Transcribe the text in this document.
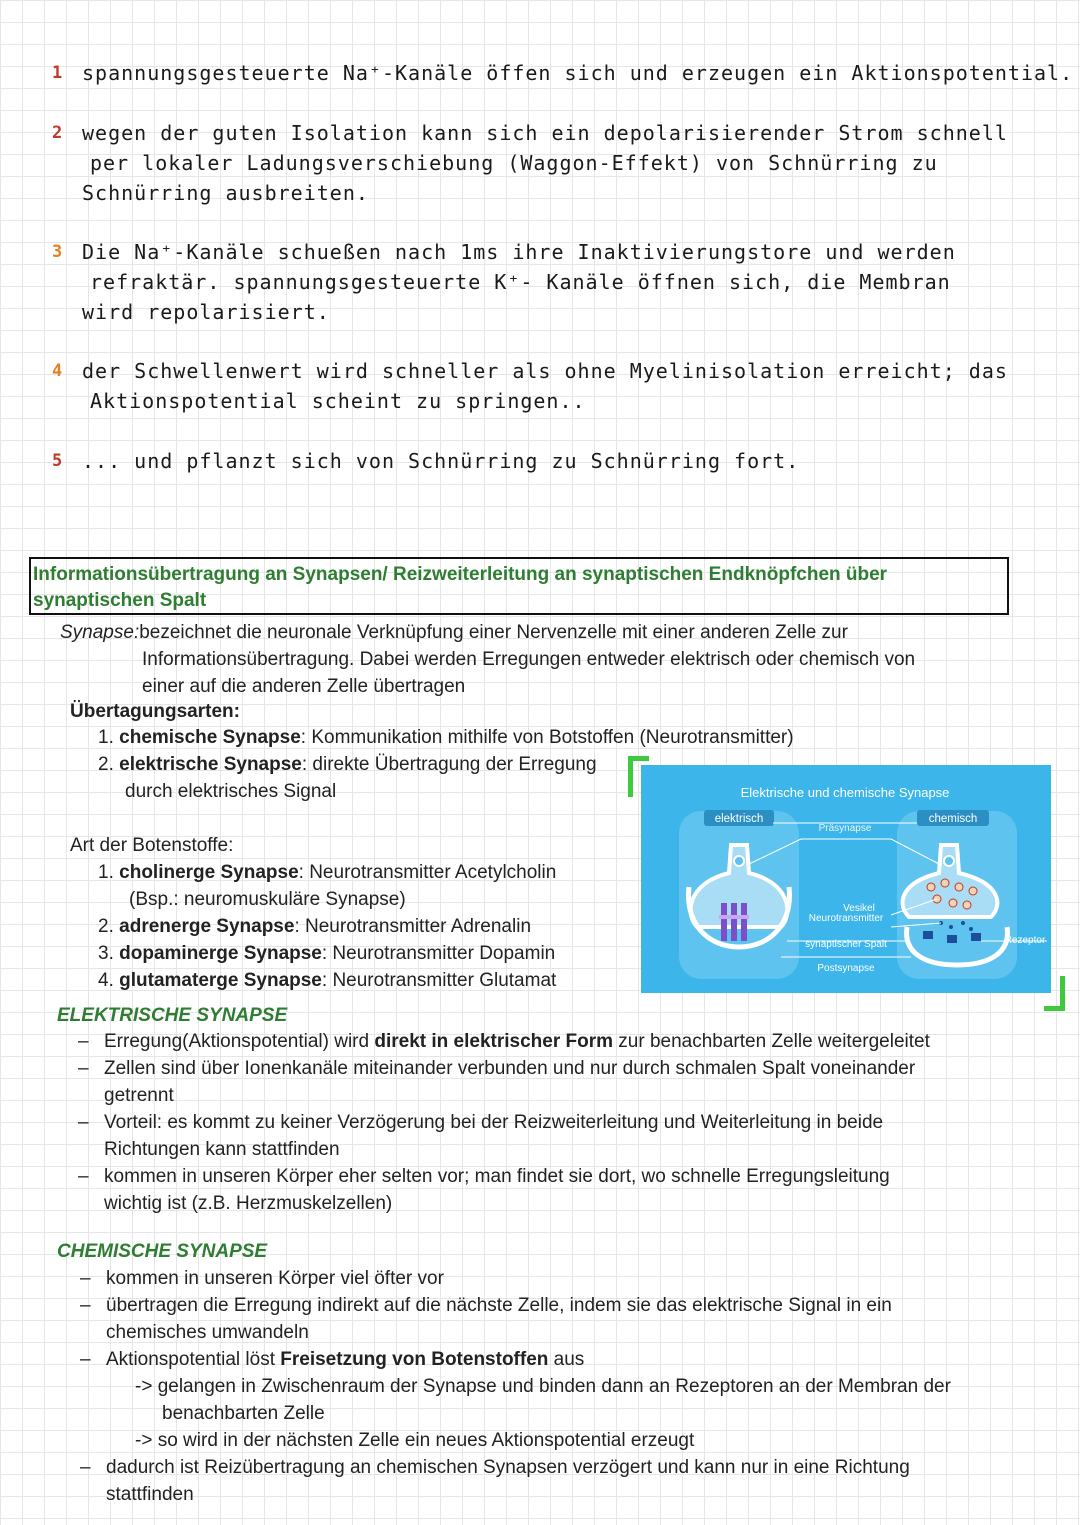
1 spannungsgesteuerte Na⁺-Kanäle öffen sich und erzeugen ein Aktionspotential.
2 wegen der guten Isolation kann sich ein depolarisierender Strom schnell
per lokaler Ladungsverschiebung (Waggon-Effekt) von Schnürring zu
Schnürring ausbreiten.
3 Die Na⁺-Kanäle schueßen nach 1ms ihre Inaktivierungstore und werden
refraktär. spannungsgesteuerte K⁺- Kanäle öffnen sich, die Membran
wird repolarisiert.
4 der Schwellenwert wird schneller als ohne Myelinisolation erreicht; das
Aktionspotential scheint zu springen..
5 ... und pflanzt sich von Schnürring zu Schnürring fort.
Informationsübertragung an Synapsen/ Reizweiterleitung an synaptischen Endknöpfchen über synaptischen Spalt
Synapse:bezeichnet die neuronale Verknüpfung einer Nervenzelle mit einer anderen Zelle zur
Informationsübertragung. Dabei werden Erregungen entweder elektrisch oder chemisch von
einer auf die anderen Zelle übertragen
Übertagungsarten:
1. chemische Synapse: Kommunikation mithilfe von Botstoffen (Neurotransmitter)
2. elektrische Synapse: direkte Übertragung der Erregung
durch elektrisches Signal
Art der Botenstoffe:
1. cholinerge Synapse: Neurotransmitter Acetylcholin
(Bsp.: neuromuskuläre Synapse)
2. adrenerge Synapse: Neurotransmitter Adrenalin
3. dopaminerge Synapse: Neurotransmitter Dopamin
4. glutamaterge Synapse: Neurotransmitter Glutamat
Elektrische und chemische Synapse
elektrisch	chemisch
Präsynapse
Vesikel
Neurotransmitter
synaptischer Spalt
Postsynapse
Rezeptor
ELEKTRISCHE SYNAPSE
– Erregung(Aktionspotential) wird direkt in elektrischer Form zur benachbarten Zelle weitergeleitet
– Zellen sind über Ionenkanäle miteinander verbunden und nur durch schmalen Spalt voneinander
getrennt
– Vorteil: es kommt zu keiner Verzögerung bei der Reizweiterleitung und Weiterleitung in beide
Richtungen kann stattfinden
– kommen in unseren Körper eher selten vor; man findet sie dort, wo schnelle Erregungsleitung
wichtig ist (z.B. Herzmuskelzellen)
CHEMISCHE SYNAPSE
– kommen in unseren Körper viel öfter vor
– übertragen die Erregung indirekt auf die nächste Zelle, indem sie das elektrische Signal in ein
chemisches umwandeln
– Aktionspotential löst Freisetzung von Botenstoffen aus
-> gelangen in Zwischenraum der Synapse und binden dann an Rezeptoren an der Membran der
benachbarten Zelle
-> so wird in der nächsten Zelle ein neues Aktionspotential erzeugt
– dadurch ist Reizübertragung an chemischen Synapsen verzögert und kann nur in eine Richtung
stattfinden
